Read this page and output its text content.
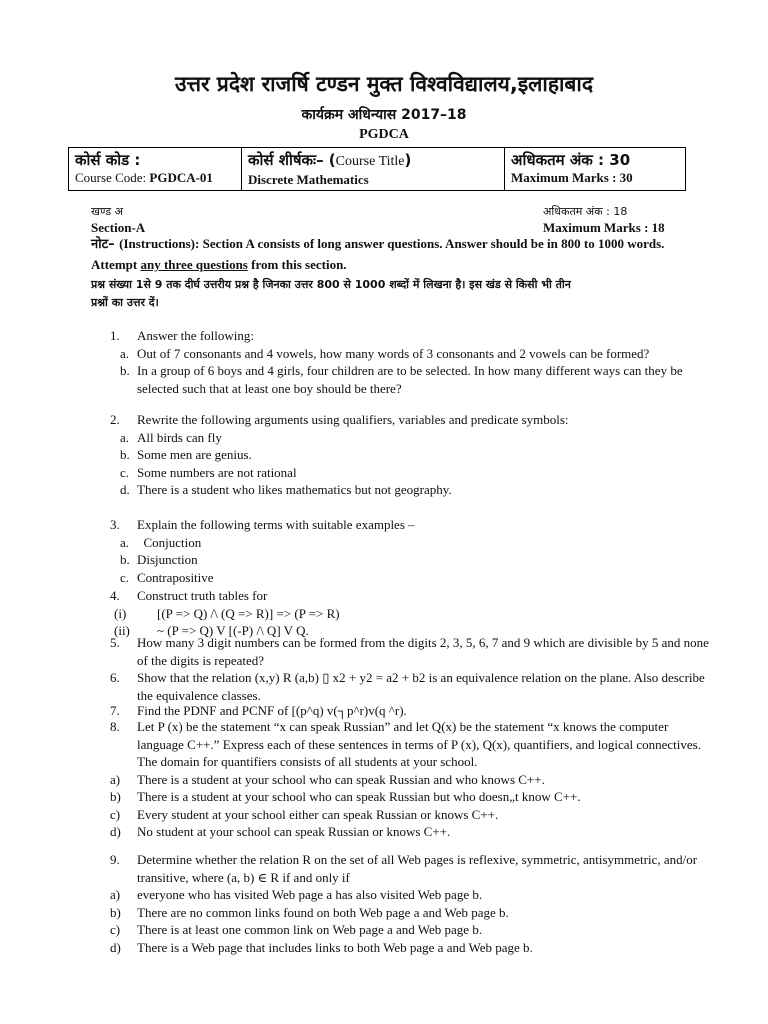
उत्तर प्रदेश राजर्षि टण्डन मुक्त विश्वविद्यालय,इलाहाबाद
कार्यक्रम अधिन्यास 2017–18
PGDCA
कोर्स कोड :
Course Code: PGDCA-01

कोर्स शीर्षकः– (Course Title)
Discrete Mathematics

अधिकतम अंक : 30
Maximum Marks : 30
खण्ड अ	अधिकतम अंक : 18
Section-A	Maximum Marks : 18
नोट– (Instructions): Section A consists of long answer questions. Answer should be in 800 to 1000 words.
Attempt any three questions from this section.
प्रश्न संख्या 1से 9 तक दीर्घ उत्तरीय प्रश्न है जिनका उत्तर 800 से 1000 शब्दों में लिखना है। इस खंड से किसी भी तीन
प्रश्नों का उत्तर दें।
1.	Answer the following:
a. Out of 7 consonants and 4 vowels, how many words of 3 consonants and 2 vowels can be formed?
b. In a group of 6 boys and 4 girls, four children are to be selected. In how many different ways can they be selected such that at least one boy should be there?
2.	Rewrite the following arguments using qualifiers, variables and predicate symbols:
a. All birds can fly
b. Some men are genius.
c. Some numbers are not rational
d. There is a student who likes mathematics but not geography.
3.	Explain the following terms with suitable examples –
a. Conjuction
b. Disjunction
c. Contrapositive
4.	Construct truth tables for
(i) [(P => Q) /\ (Q => R)] => (P => R)
(ii) ~ (P => Q) V [(-P) /\ Q] V Q.
5.	How many 3 digit numbers can be formed from the digits 2, 3, 5, 6, 7 and 9 which are divisible by 5 and none of the digits is repeated?
6.	Show that the relation (x,y) R (a,b) ▯ x2 + y2 = a2 + b2 is an equivalence relation on the plane. Also describe the equivalence classes.
7.	Find the PDNF and PCNF of [(p^q) v(┐p^r)v(q ^r).
8.	Let P (x) be the statement “x can speak Russian” and let Q(x) be the statement “x knows the computer language C++.” Express each of these sentences in terms of P (x), Q(x), quantifiers, and logical connectives. The domain for quantifiers consists of all students at your school.
a) There is a student at your school who can speak Russian and who knows C++.
b) There is a student at your school who can speak Russian but who doesn„t know C++.
c) Every student at your school either can speak Russian or knows C++.
d) No student at your school can speak Russian or knows C++.
9.	Determine whether the relation R on the set of all Web pages is reflexive, symmetric, antisymmetric, and/or transitive, where (a, b) ∈ R if and only if
a) everyone who has visited Web page a has also visited Web page b.
b) There are no common links found on both Web page a and Web page b.
c) There is at least one common link on Web page a and Web page b.
d) There is a Web page that includes links to both Web page a and Web page b.
